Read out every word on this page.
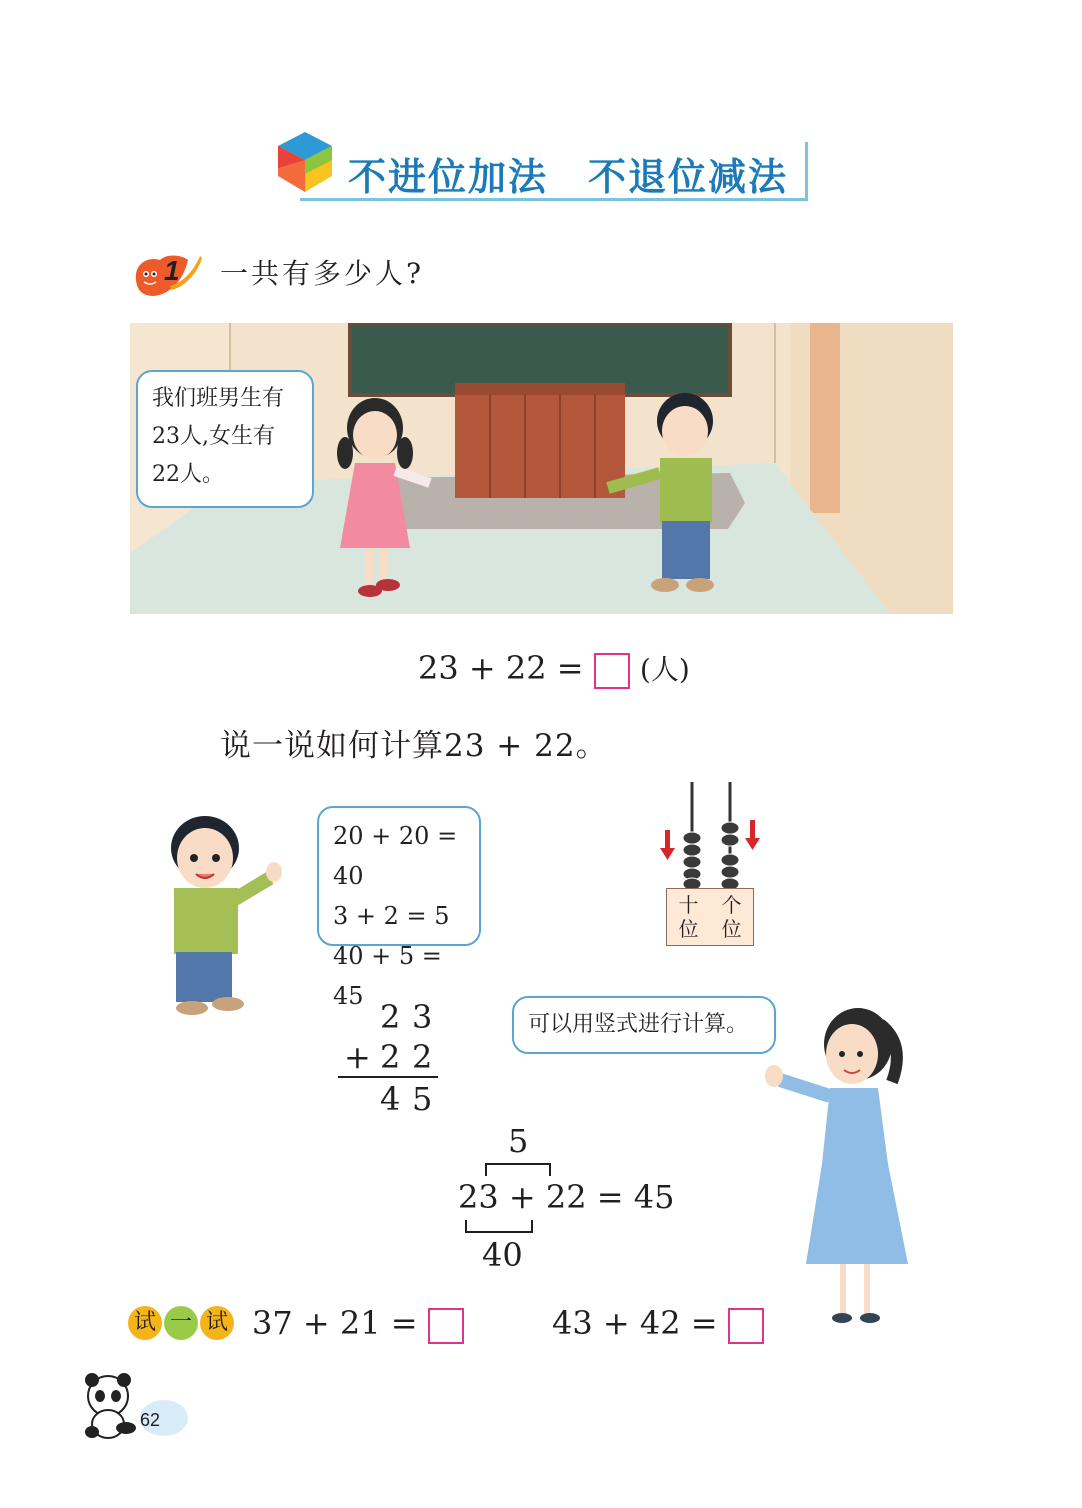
不进位加法　不退位减法
1 一共有多少人?
我们班男生有
23人,女生有
22人。
23 + 22 = (人)
说一说如何计算23 + 22。
20 + 20 = 40
3 + 2 = 5
40 + 5 = 45
十
位
个
位
2 3
+ 2 2
4 5
可以用竖式进行计算。
5
23 + 22 = 45
40
试 一 试 37 + 21 =	43 + 42 =
62
